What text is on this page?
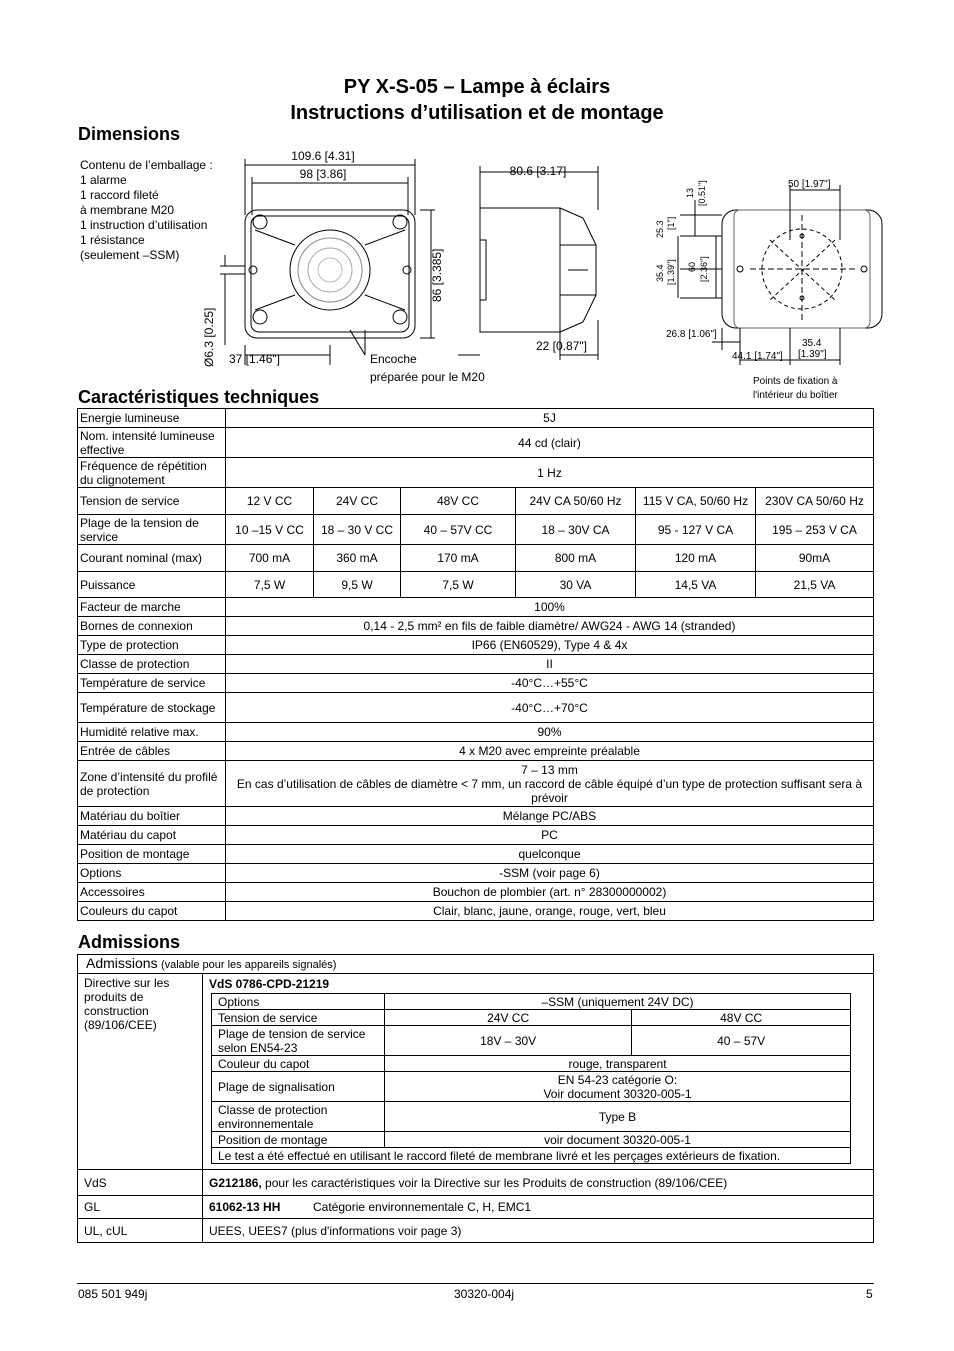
PY X-S-05 – Lampe à éclairs
Instructions d’utilisation et de montage
Dimensions
Contenu de l’emballage :
1 alarme
1 raccord fileté
à membrane M20
1 instruction d’utilisation
1 résistance
(seulement –SSM)
109.6 [4.31]
98 [3.86]
86 [3.385]
Ø6.3 [0.25] 37 [1.46"]	Encoche
préparée pour le M20
80.6 [3.17]
22 [0.87"]
50 [1.97"]
13 [0.51"]
25.3 [1"]
35.4 [1.39"] 60 [2.36"]
26.8 [1.06"]
44.1 [1.74"]
35.4
[1.39"]
Points de fixation à
l'intérieur du boîtier
Caractéristiques techniques
Energie lumineuse	5J					
Nom. intensité lumineuse effective	44 cd (clair)					
Fréquence de répétition du clignotement	1 Hz					
Tension de service	12 V CC	24V CC	48V CC	24V CA 50/60 Hz	115 V CA, 50/60 Hz	230V CA 50/60 Hz
Plage de la tension de service	10 –15 V CC	18 – 30 V CC	40 – 57V CC	18 – 30V CA	95 - 127 V CA	195 – 253 V CA
Courant nominal (max)	700 mA	360 mA	170 mA	800 mA	120 mA	90mA
Puissance	7,5 W	9,5 W	7,5 W	30 VA	14,5 VA	21,5 VA
Facteur de marche	100%					
Bornes de connexion	0,14 - 2,5 mm² en fils de faible diamètre/ AWG24 - AWG 14 (stranded)					
Type de protection	IP66 (EN60529), Type 4 & 4x					
Classe de protection	II					
Température de service	-40°C…+55°C					
Température de stockage	-40°C…+70°C					
Humidité relative max.	90%					
Entrée de câbles	4 x M20 avec empreinte préalable					
Zone d’intensité du profilé de protection	7 – 13 mm
En cas d’utilisation de câbles de diamètre < 7 mm, un raccord de câble équipé d’un type de protection suffisant sera à prévoir					

Matériau du boîtier	Mélange PC/ABS					
Matériau du capot	PC					
Position de montage	quelconque					
Options	-SSM (voir page 6)					
Accessoires	Bouchon de plombier (art. n° 28300000002)					
Couleurs du capot	Clair, blanc, jaune, orange, rouge, vert, bleu					
Admissions
Admissions (valable pour les appareils signalés)
Directive sur les produits de construction (89/106/CEE)	
VdS 0786-CPD-21219
Options	–SSM (uniquement 24V DC)
Tension de service	24V CC	48V CC
Plage de tension de service selon EN54-23	18V – 30V	40 – 57V
Couleur du capot	rouge, transparent
Plage de signalisation	EN 54-23 catégorie O:
Voir document 30320-005-1

Classe de protection environnementale	Type B
Position de montage	voir document 30320-005-1
Le test a été effectué en utilisant le raccord fileté de membrane livré et les perçages extérieurs de fixation.

VdS	G212186, pour les caractéristiques voir la Directive sur les Produits de construction (89/106/CEE)
GL	61062-13 HH	Catégorie environnementale C, H, EMC1
UL, cUL	UEES, UEES7 (plus d'informations voir page 3)
085 501 949j	30320-004j	5
